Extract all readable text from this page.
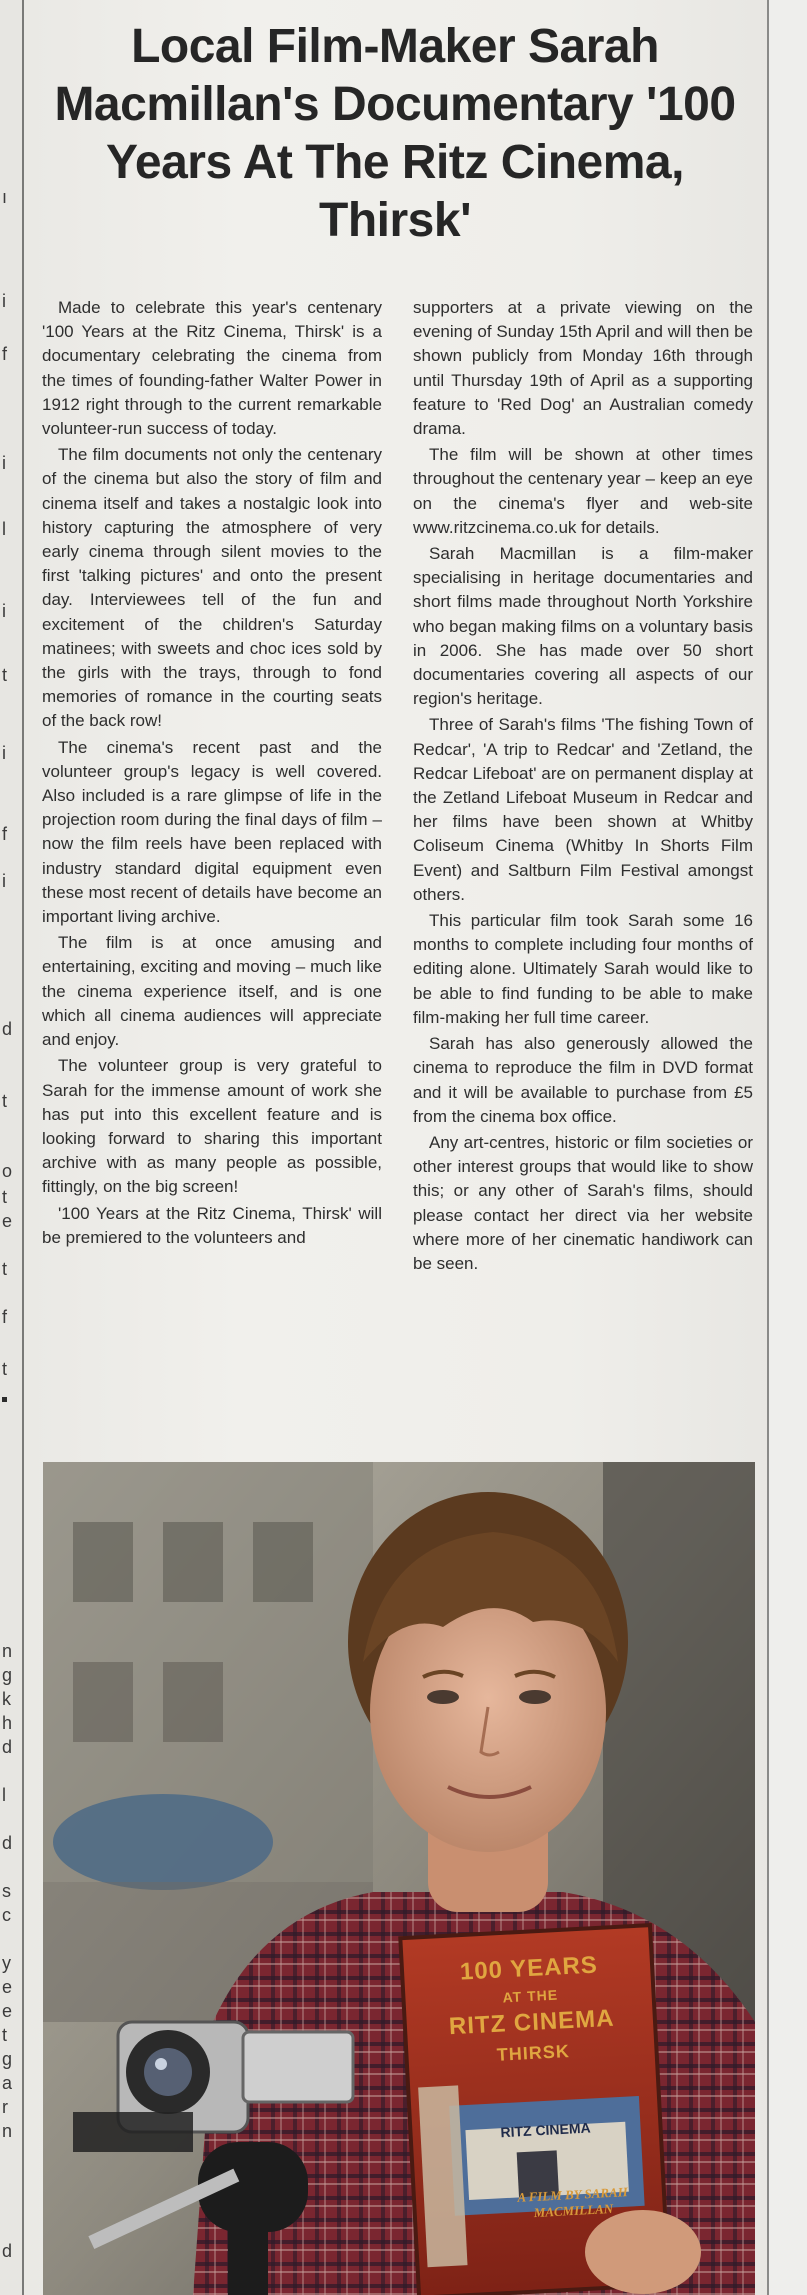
ı
i
f
i
l
i
t
i
f
i
d
t
o
t
e
t
f
t
n
g
k
h
d
l
d
s
c
y
e
e
t
g
a
r
n
d
Local Film-Maker Sarah Macmillan's Documentary '100 Years At The Ritz Cinema, Thirsk'

Made to celebrate this year's centenary '100 Years at the Ritz Cinema, Thirsk' is a documentary celebrating the cinema from the times of founding-father Walter Power in 1912 right through to the current remarkable volunteer-run success of today.

The film documents not only the centenary of the cinema but also the story of film and cinema itself and takes a nostalgic look into history capturing the atmosphere of very early cinema through silent movies to the first 'talking pictures' and onto the present day. Interviewees tell of the fun and excitement of the children's Saturday matinees; with sweets and choc ices sold by the girls with the trays, through to fond memories of romance in the courting seats of the back row!

The cinema's recent past and the volunteer group's legacy is well covered. Also included is a rare glimpse of life in the projection room during the final days of film – now the film reels have been replaced with industry standard digital equipment even these most recent of details have become an important living archive.

The film is at once amusing and entertaining, exciting and moving – much like the cinema experience itself, and is one which all cinema audiences will appreciate and enjoy.

The volunteer group is very grateful to Sarah for the immense amount of work she has put into this excellent feature and is looking forward to sharing this important archive with as many people as possible, fittingly, on the big screen!

'100 Years at the Ritz Cinema, Thirsk' will be premiered to the volunteers and

supporters at a private viewing on the evening of Sunday 15th April and will then be shown publicly from Monday 16th through until Thursday 19th of April as a supporting feature to 'Red Dog' an Australian comedy drama.

The film will be shown at other times throughout the centenary year – keep an eye on the cinema's flyer and web-site www.ritzcinema.co.uk for details.

Sarah Macmillan is a film-maker specialising in heritage documentaries and short films made throughout North Yorkshire who began making films on a voluntary basis in 2006. She has made over 50 short documentaries covering all aspects of our region's heritage.

Three of Sarah's films 'The fishing Town of Redcar', 'A trip to Redcar' and 'Zetland, the Redcar Lifeboat' are on permanent display at the Zetland Lifeboat Museum in Redcar and her films have been shown at Whitby Coliseum Cinema (Whitby In Shorts Film Event) and Saltburn Film Festival amongst others.

This particular film took Sarah some 16 months to complete including four months of editing alone. Ultimately Sarah would like to be able to find funding to be able to make film-making her full time career.

Sarah has also generously allowed the cinema to reproduce the film in DVD format and it will be available to purchase from £5 from the cinema box office.

Any art-centres, historic or film societies or other interest groups that would like to show this; or any other of Sarah's films, should please contact her direct via her website where more of her cinematic handiwork can be seen.

RITZ CINEMA
100 YEARS
AT THE
RITZ CINEMA
THIRSK
A FILM BY SARAH MACMILLAN
